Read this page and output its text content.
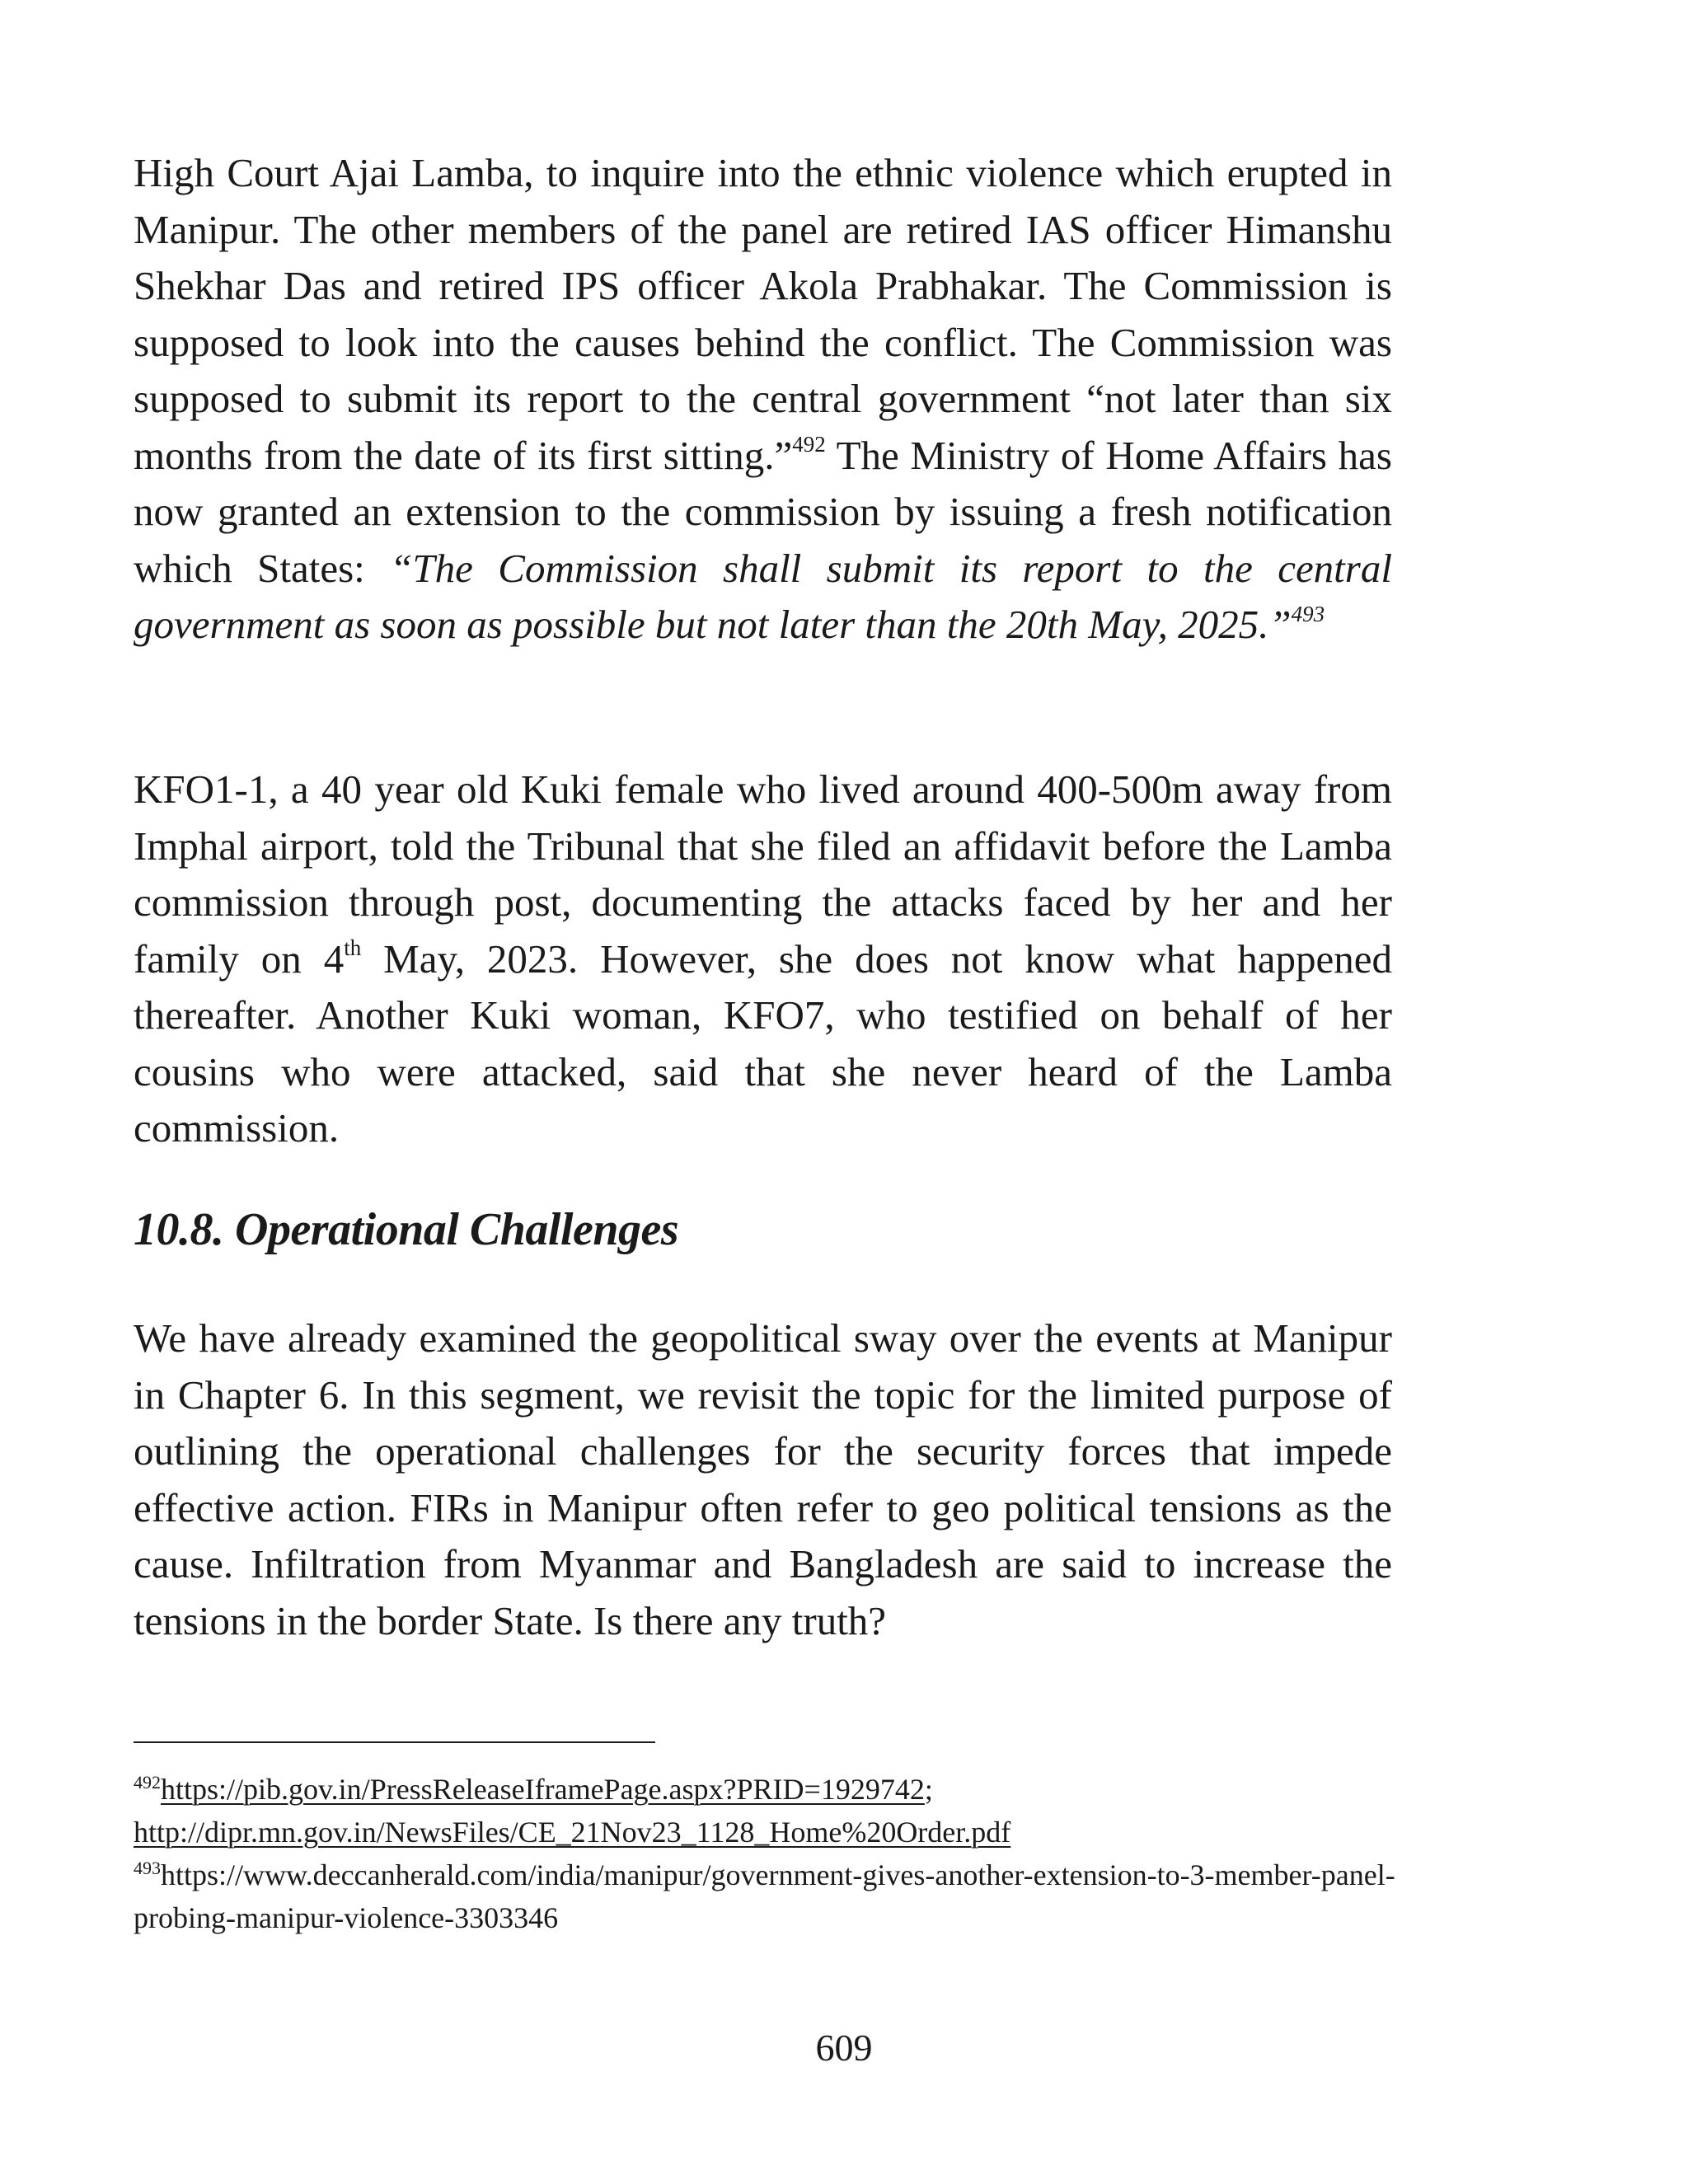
High Court Ajai Lamba, to inquire into the ethnic violence which erupted in Manipur. The other members of the panel are retired IAS officer Himanshu Shekhar Das and retired IPS officer Akola Prabhakar. The Commission is supposed to look into the causes behind the conflict. The Commission was supposed to submit its report to the central government “not later than six months from the date of its first sitting.”$^{492}$ The Ministry of Home Affairs has now granted an extension to the commission by issuing a fresh notification which States: “The Commission shall submit its report to the central government as soon as possible but not later than the 20th May, 2025.”$^{493}$

KFO1-1, a 40 year old Kuki female who lived around 400-500m away from Imphal airport, told the Tribunal that she filed an affidavit before the Lamba commission through post, documenting the attacks faced by her and her family on 4th May, 2023. However, she does not know what happened thereafter. Another Kuki woman, KFO7, who testified on behalf of her cousins who were attacked, said that she never heard of the Lamba commission.

10.8. Operational Challenges

We have already examined the geopolitical sway over the events at Manipur in Chapter 6. In this segment, we revisit the topic for the limited purpose of outlining the operational challenges for the security forces that impede effective action. FIRs in Manipur often refer to geo political tensions as the cause. Infiltration from Myanmar and Bangladesh are said to increase the tensions in the border State. Is there any truth?

$^{492}$https://pib.gov.in/PressReleaseIframePage.aspx?PRID=1929742;
http://dipr.mn.gov.in/NewsFiles/CE_21Nov23_1128_Home%20Order.pdf

$^{493}$https://www.deccanherald.com/india/manipur/government-gives-another-extension-to-3-member-panel-probing-manipur-violence-3303346

609
